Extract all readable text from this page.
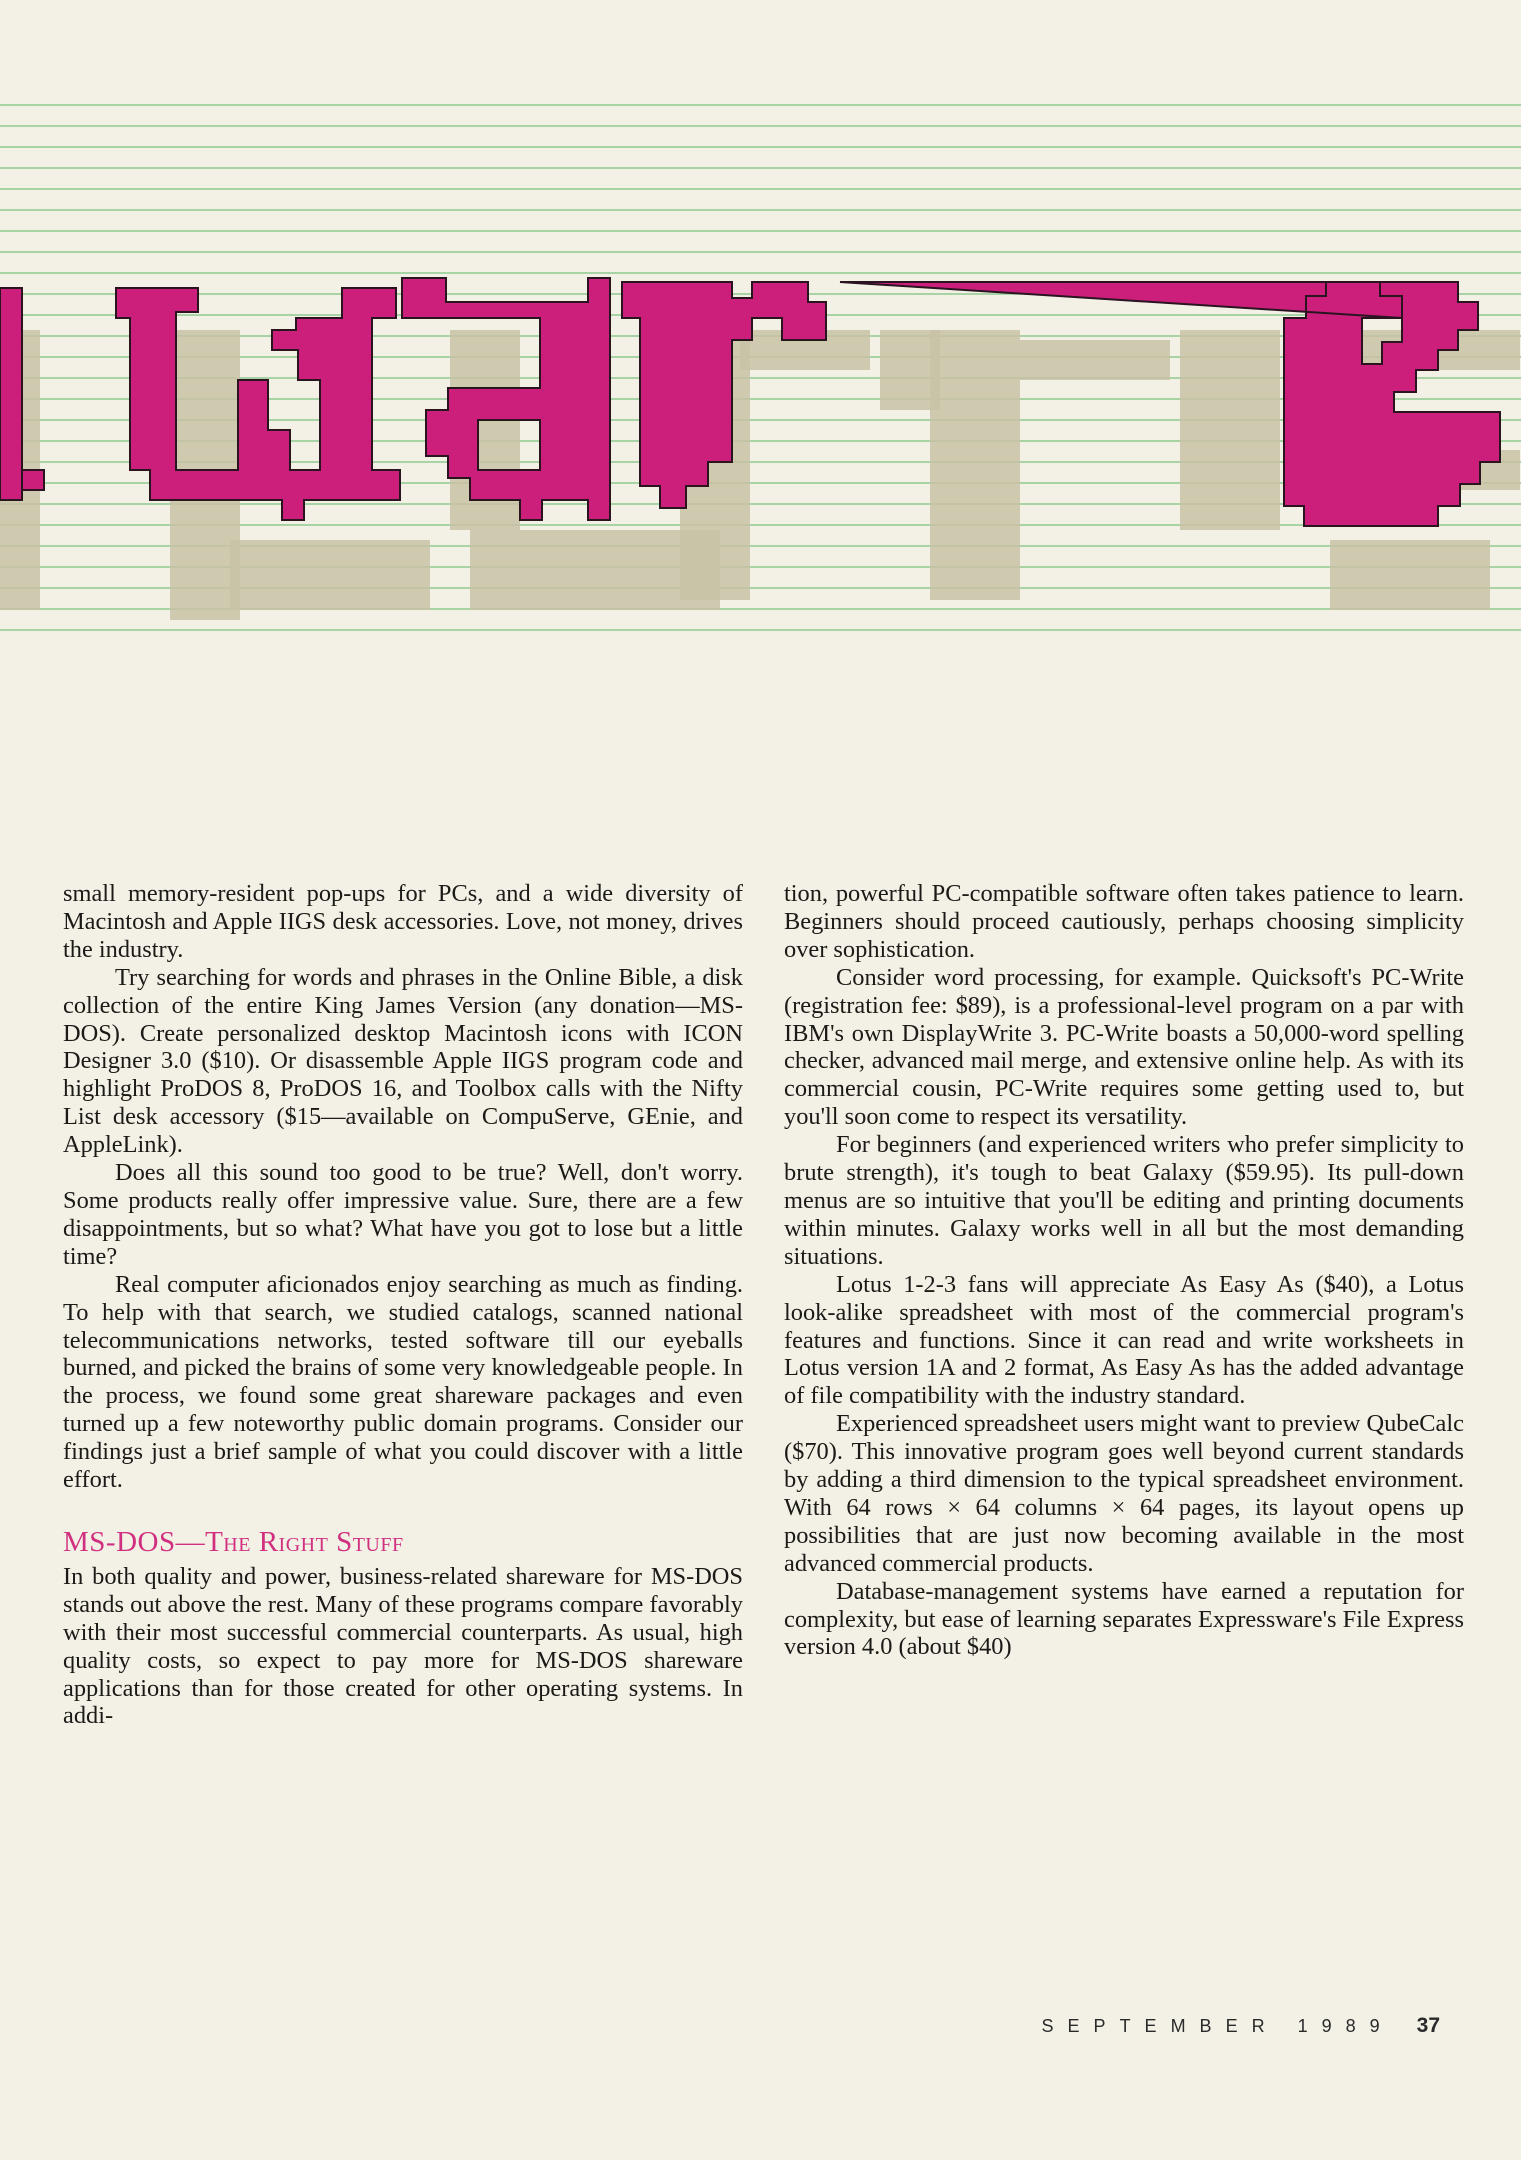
small memory-resident pop-ups for PCs, and a wide diversity of Macintosh and Apple IIGS desk accessories. Love, not money, drives the industry.

Try searching for words and phrases in the Online Bible, a disk collection of the entire King James Version (any donation—MS-DOS). Create personalized desktop Macintosh icons with ICON Designer 3.0 ($10). Or disassemble Apple IIGS program code and highlight ProDOS 8, ProDOS 16, and Toolbox calls with the Nifty List desk accessory ($15—available on CompuServe, GEnie, and AppleLink).

Does all this sound too good to be true? Well, don't worry. Some products really offer impressive value. Sure, there are a few disappointments, but so what? What have you got to lose but a little time?

Real computer aficionados enjoy searching as much as finding. To help with that search, we studied catalogs, scanned national telecommunications networks, tested software till our eyeballs burned, and picked the brains of some very knowledgeable people. In the process, we found some great shareware packages and even turned up a few noteworthy public domain programs. Consider our findings just a brief sample of what you could discover with a little effort.

MS-DOS—The Right Stuff

In both quality and power, business-related shareware for MS-DOS stands out above the rest. Many of these programs compare favorably with their most successful commercial counterparts. As usual, high quality costs, so expect to pay more for MS-DOS shareware applications than for those created for other operating systems. In addi-

tion, powerful PC-compatible software often takes patience to learn. Beginners should proceed cautiously, perhaps choosing simplicity over sophistication.

Consider word processing, for example. Quicksoft's PC-Write (registration fee: $89), is a professional-level program on a par with IBM's own DisplayWrite 3. PC-Write boasts a 50,000-word spelling checker, advanced mail merge, and extensive online help. As with its commercial cousin, PC-Write requires some getting used to, but you'll soon come to respect its versatility.

For beginners (and experienced writers who prefer simplicity to brute strength), it's tough to beat Galaxy ($59.95). Its pull-down menus are so intuitive that you'll be editing and printing documents within minutes. Galaxy works well in all but the most demanding situations.

Lotus 1-2-3 fans will appreciate As Easy As ($40), a Lotus look-alike spreadsheet with most of the commercial program's features and functions. Since it can read and write worksheets in Lotus version 1A and 2 format, As Easy As has the added advantage of file compatibility with the industry standard.

Experienced spreadsheet users might want to preview QubeCalc ($70). This innovative program goes well beyond current standards by adding a third dimension to the typical spreadsheet environment. With 64 rows × 64 columns × 64 pages, its layout opens up possibilities that are just now becoming available in the most advanced commercial products.

Database-management systems have earned a reputation for complexity, but ease of learning separates Expressware's File Express version 4.0 (about $40)

SEPTEMBER 1989 37
